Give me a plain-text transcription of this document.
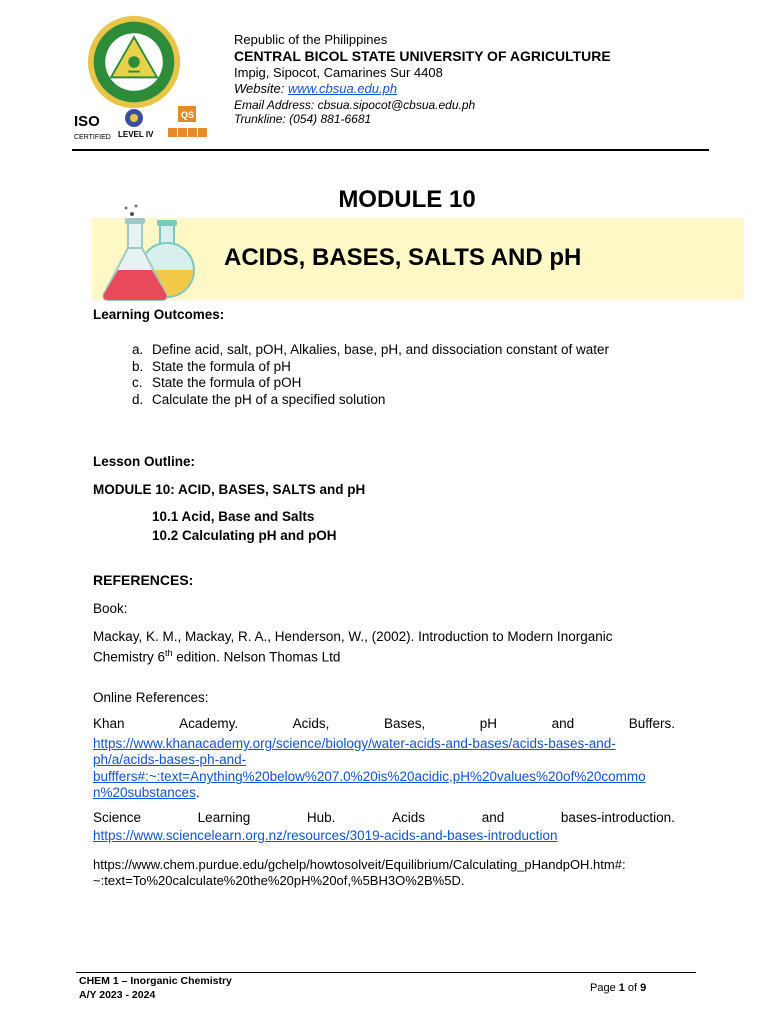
ISO
CERTIFIED LEVEL IV
QS
Republic of the Philippines
CENTRAL BICOL STATE UNIVERSITY OF AGRICULTURE
Impig, Sipocot, Camarines Sur 4408
Website: www.cbsua.edu.ph
Email Address: cbsua.sipocot@cbsua.edu.ph
Trunkline: (054) 881-6681
MODULE 10
ACIDS, BASES, SALTS AND pH
Learning Outcomes:
a. Define acid, salt, pOH, Alkalies, base, pH, and dissociation constant of water
b. State the formula of pH
c. State the formula of pOH
d. Calculate the pH of a specified solution
Lesson Outline:
MODULE 10: ACID, BASES, SALTS and pH
10.1 Acid, Base and Salts
10.2 Calculating pH and pOH
REFERENCES:
Book:
Mackay, K. M., Mackay, R. A., Henderson, W., (2002). Introduction to Modern Inorganic
Chemistry 6th edition. Nelson Thomas Ltd
Online References:
Khan	Academy.	Acids,	Bases,	pH	and	Buffers.
https://www.khanacademy.org/science/biology/water-acids-and-bases/acids-bases-and-
ph/a/acids-bases-ph-and-
bufffers#:~:text=Anything%20below%207.0%20is%20acidic,pH%20values%20of%20commo
n%20substances.
Science	Learning	Hub.	Acids	and	bases-introduction.
https://www.sciencelearn.org.nz/resources/3019-acids-and-bases-introduction
https://www.chem.purdue.edu/gchelp/howtosolveit/Equilibrium/Calculating_pHandpOH.htm#:
~:text=To%20calculate%20the%20pH%20of,%5BH3O%2B%5D.
CHEM 1 – Inorganic Chemistry
A/Y 2023 - 2024
Page 1 of 9
